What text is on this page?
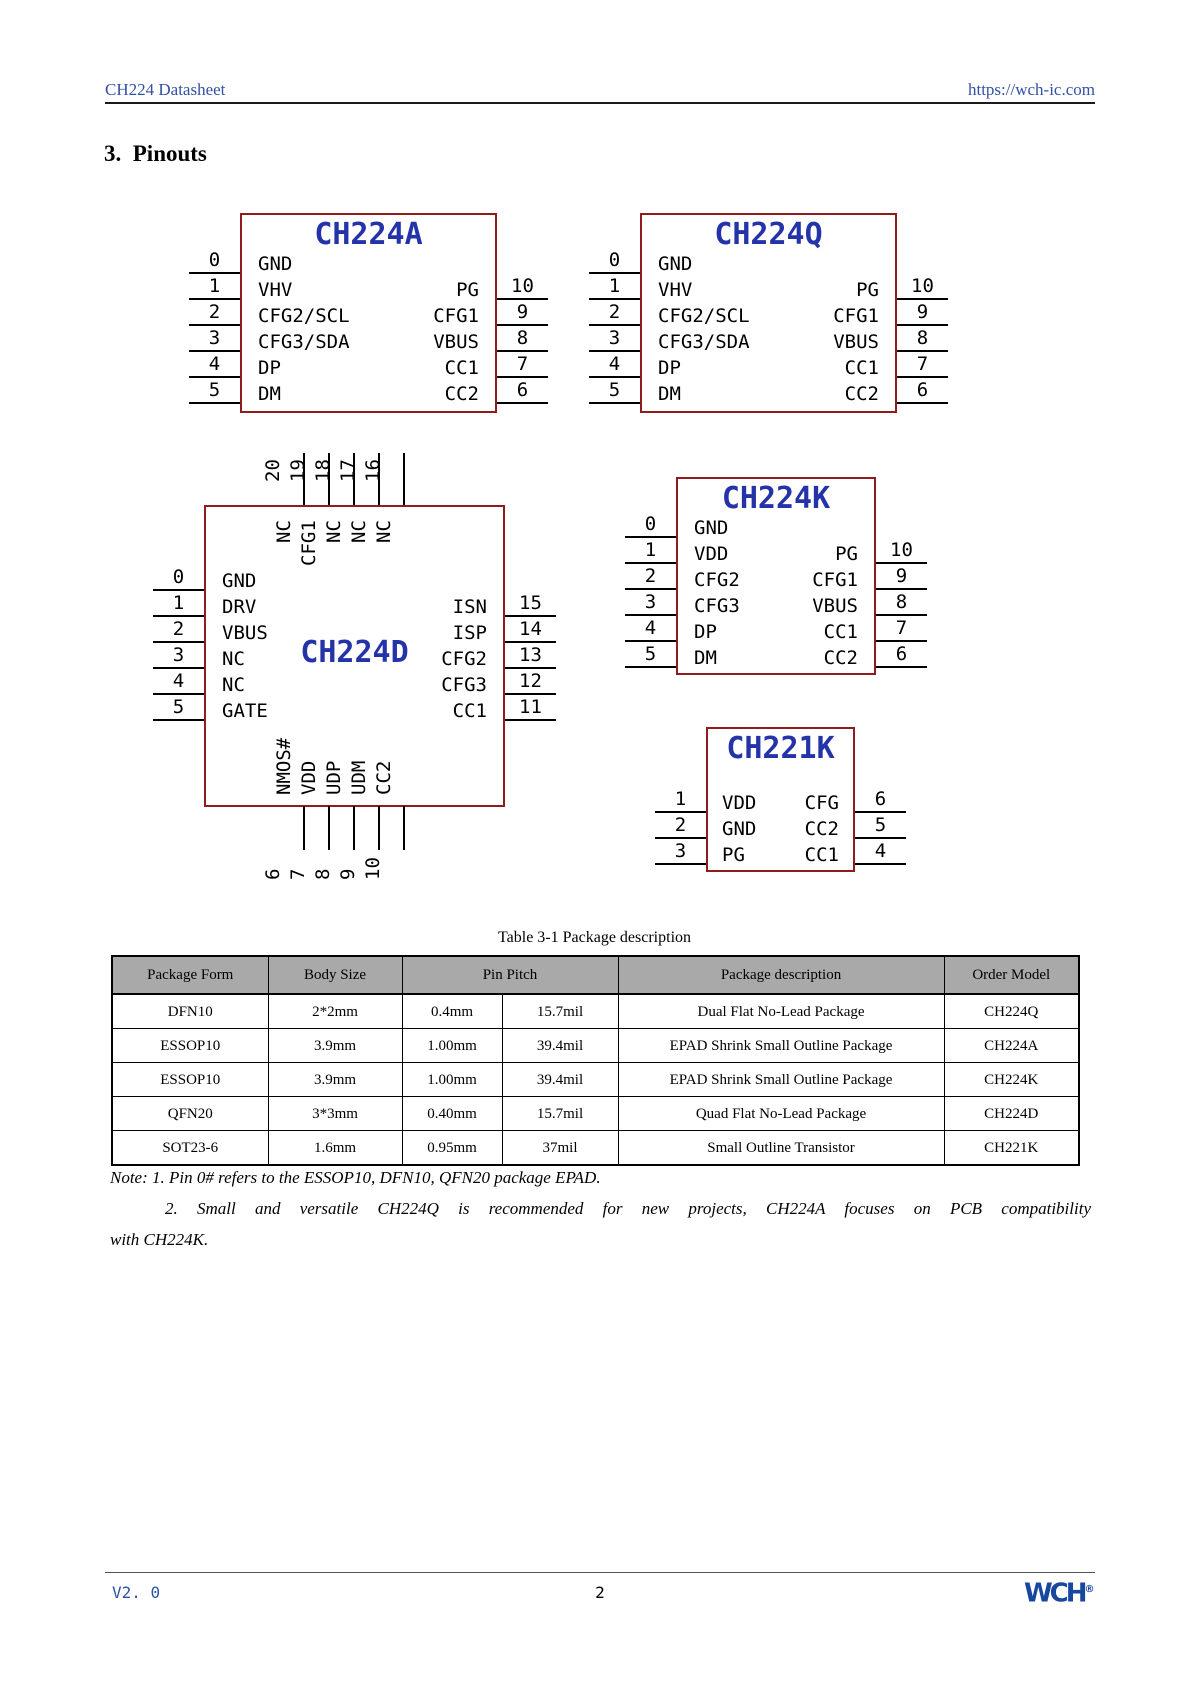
CH224 Datasheet	https://wch-ic.com
3.  Pinouts
CH224A
GND
VHV
CFG2/SCL
CFG3/SDA
DP
DM
PG
CFG1
VBUS
CC1
CC2
0
1
2
3
4
5
10
9
8
7
6
CH224Q
GND
VHV
CFG2/SCL
CFG3/SDA
DP
DM
PG
CFG1
VBUS
CC1
CC2
0
1
2
3
4
5
10
9
8
7
6
CH224D
GND
DRV
VBUS
NC
NC
GATE
ISN
ISP
CFG2
CFG3
CC1
0
1
2
3
4
5
15
14
13
12
11
20 19 18 17 16
NC CFG1 NC NC NC
6 7 8 9 10
NMOS# VDD UDP UDM CC2
CH224K
GND
VDD
CFG2
CFG3
DP
DM
PG
CFG1
VBUS
CC1
CC2
0
1
2
3
4
5
10
9
8
7
6
CH221K
VDD
GND
PG
CFG
CC2
CC1
1
2
3
6
5
4
Table 3-1 Package description
Package Form	Body Size	Pin Pitch		Package description	Order Model
DFN10	2*2mm	0.4mm	15.7mil	Dual Flat No-Lead Package	CH224Q
ESSOP10	3.9mm	1.00mm	39.4mil	EPAD Shrink Small Outline Package	CH224A
ESSOP10	3.9mm	1.00mm	39.4mil	EPAD Shrink Small Outline Package	CH224K
QFN20	3*3mm	0.40mm	15.7mil	Quad Flat No-Lead Package	CH224D
SOT23-6	1.6mm	0.95mm	37mil	Small Outline Transistor	CH221K
Note: 1. Pin 0# refers to the ESSOP10, DFN10, QFN20 package EPAD.
2. Small and versatile CH224Q is recommended for new projects, CH224A focuses on PCB compatibility
with CH224K.
V2. 0	2	WCH®
